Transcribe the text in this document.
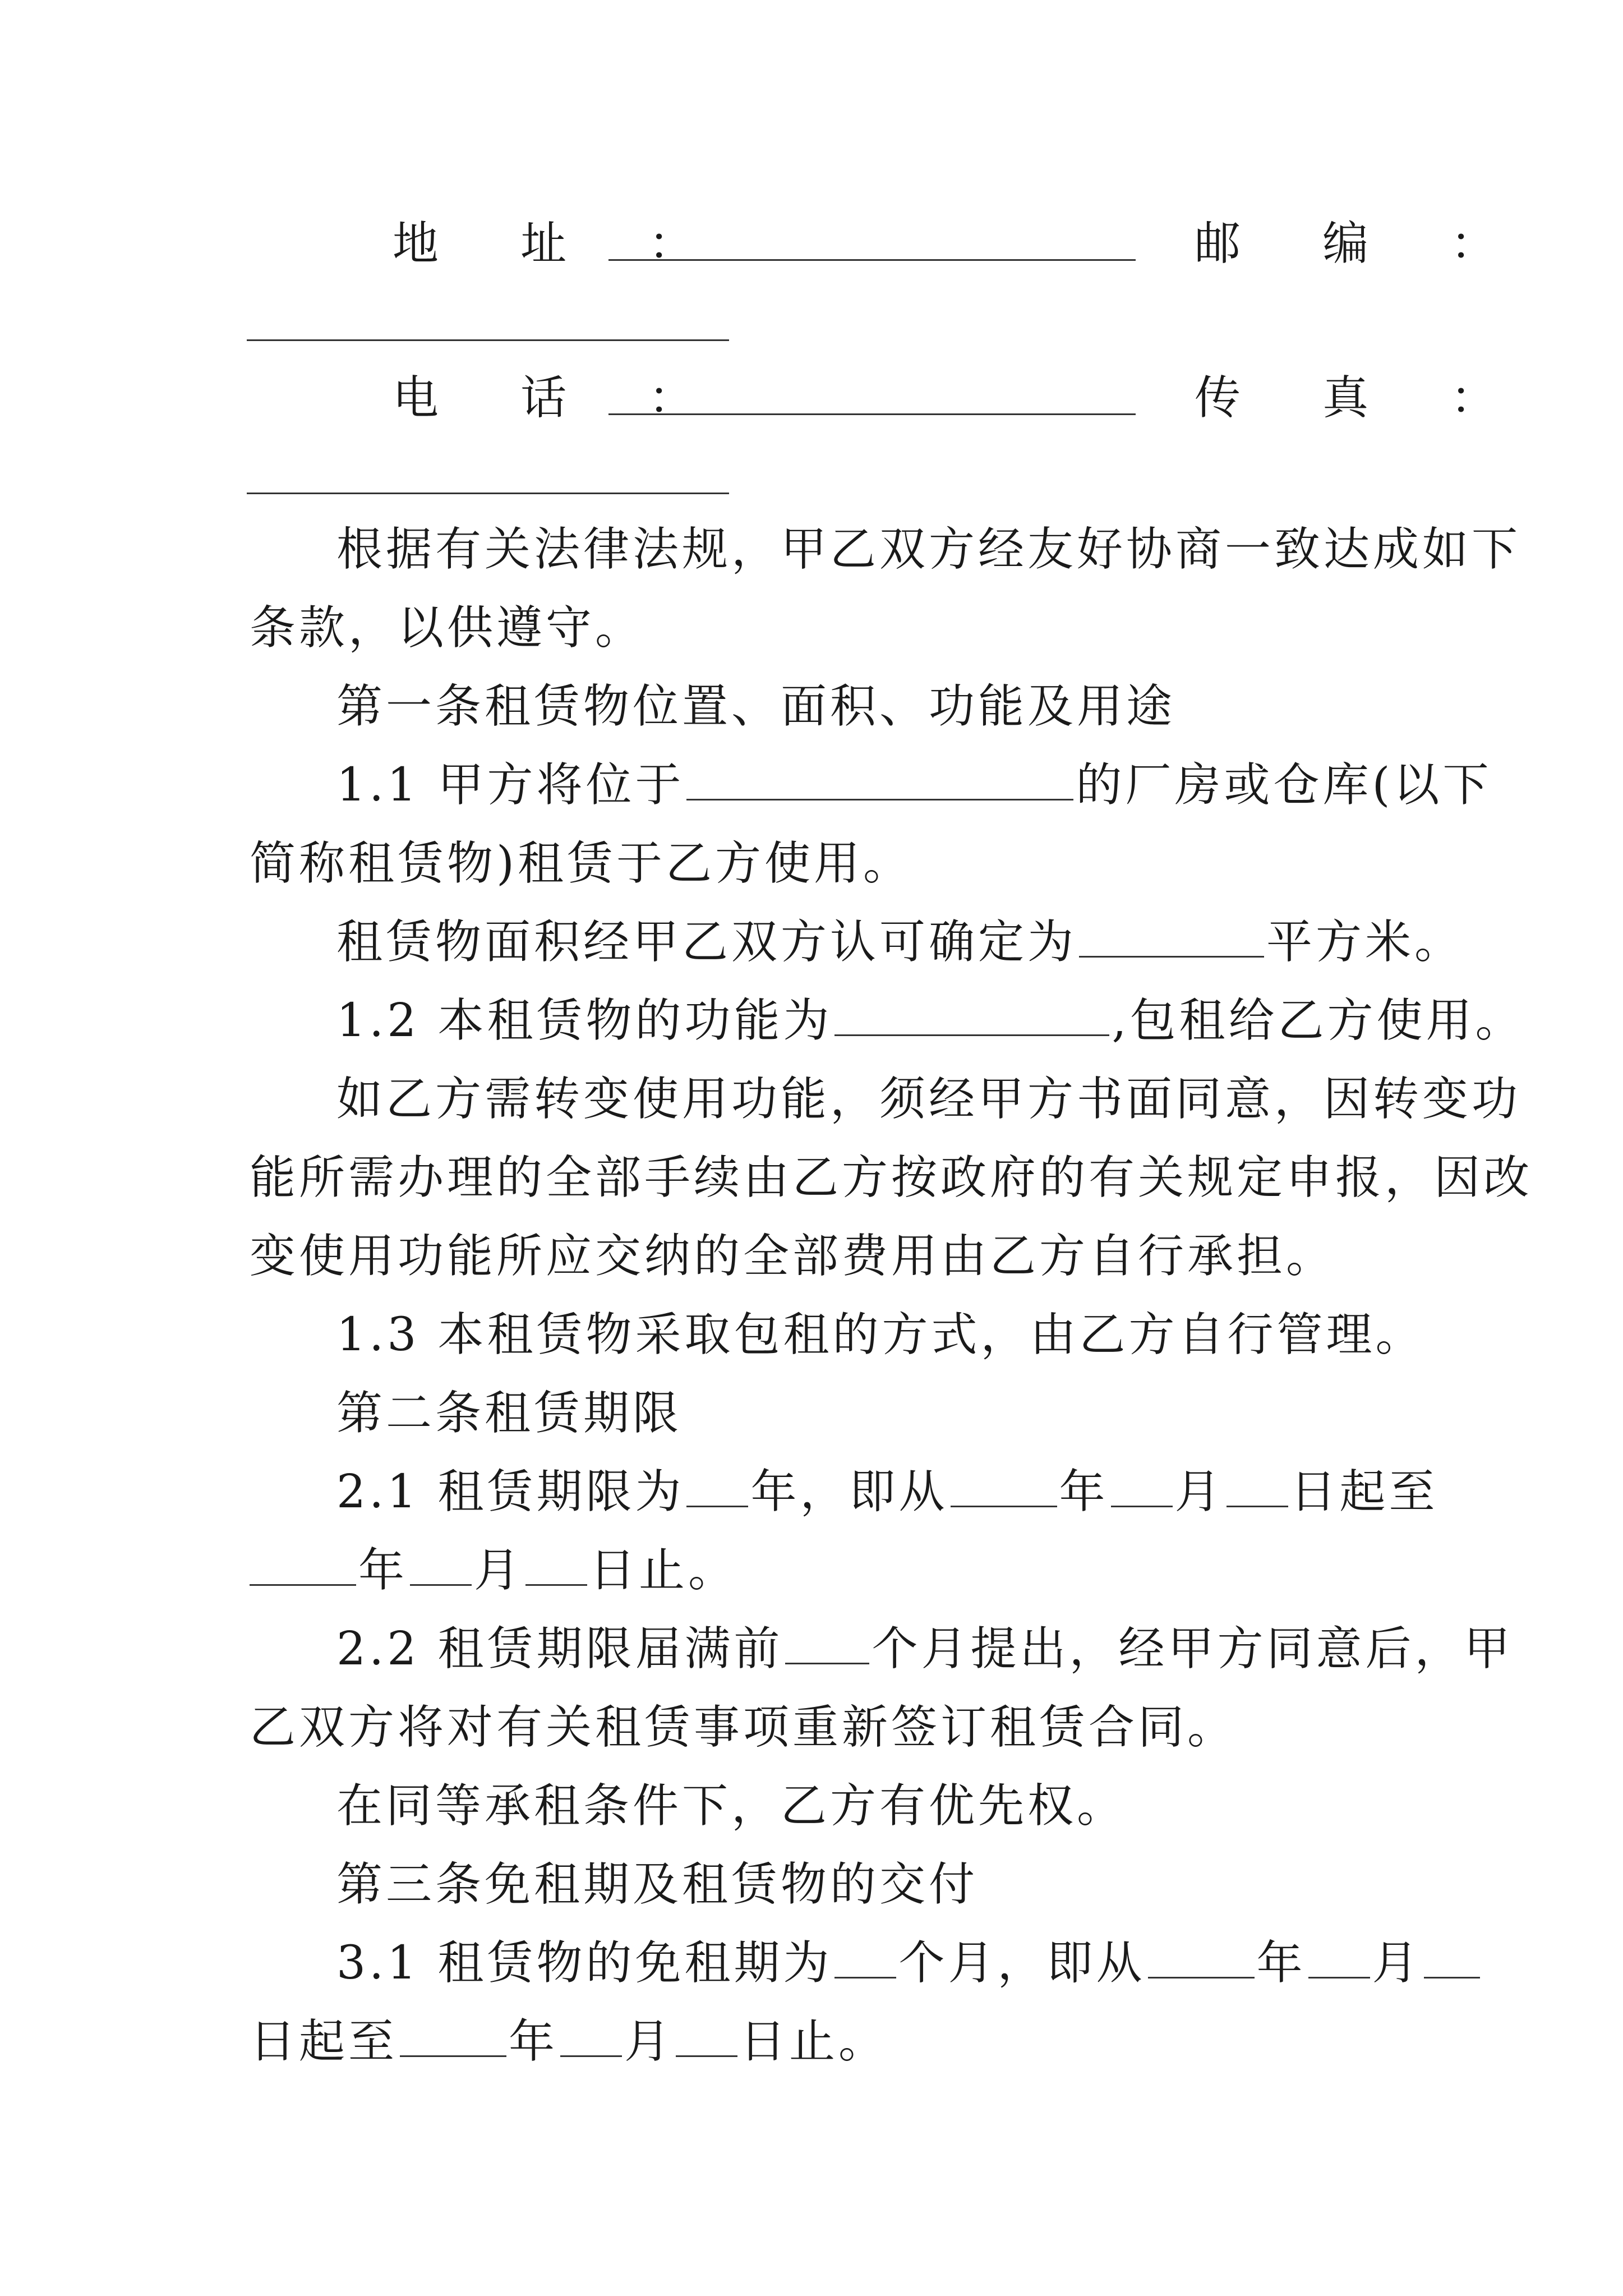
地 址 ：	邮 编 ：
电 话 ：	传 真 ：
根据有关法律法规，甲乙双方经友好协商一致达成如下
条款，以供遵守。
第一条租赁物位置、面积、功能及用途
1.1 甲方将位于	的厂房或仓库(以下
简称租赁物)租赁于乙方使用。
租赁物面积经甲乙双方认可确定为	平方米。
1.2 本租赁物的功能为	,包租给乙方使用。
如乙方需转变使用功能，须经甲方书面同意，因转变功
能所需办理的全部手续由乙方按政府的有关规定申报，因改
变使用功能所应交纳的全部费用由乙方自行承担。
1.3 本租赁物采取包租的方式，由乙方自行管理。
第二条租赁期限
2.1 租赁期限为 年，即从 年 月 日起至
年 月 日止。
2.2 租赁期限届满前 个月提出，经甲方同意后，甲
乙双方将对有关租赁事项重新签订租赁合同。
在同等承租条件下，乙方有优先权。
第三条免租期及租赁物的交付
3.1 租赁物的免租期为 个月，即从 年 月
日起至 年 月 日止。
